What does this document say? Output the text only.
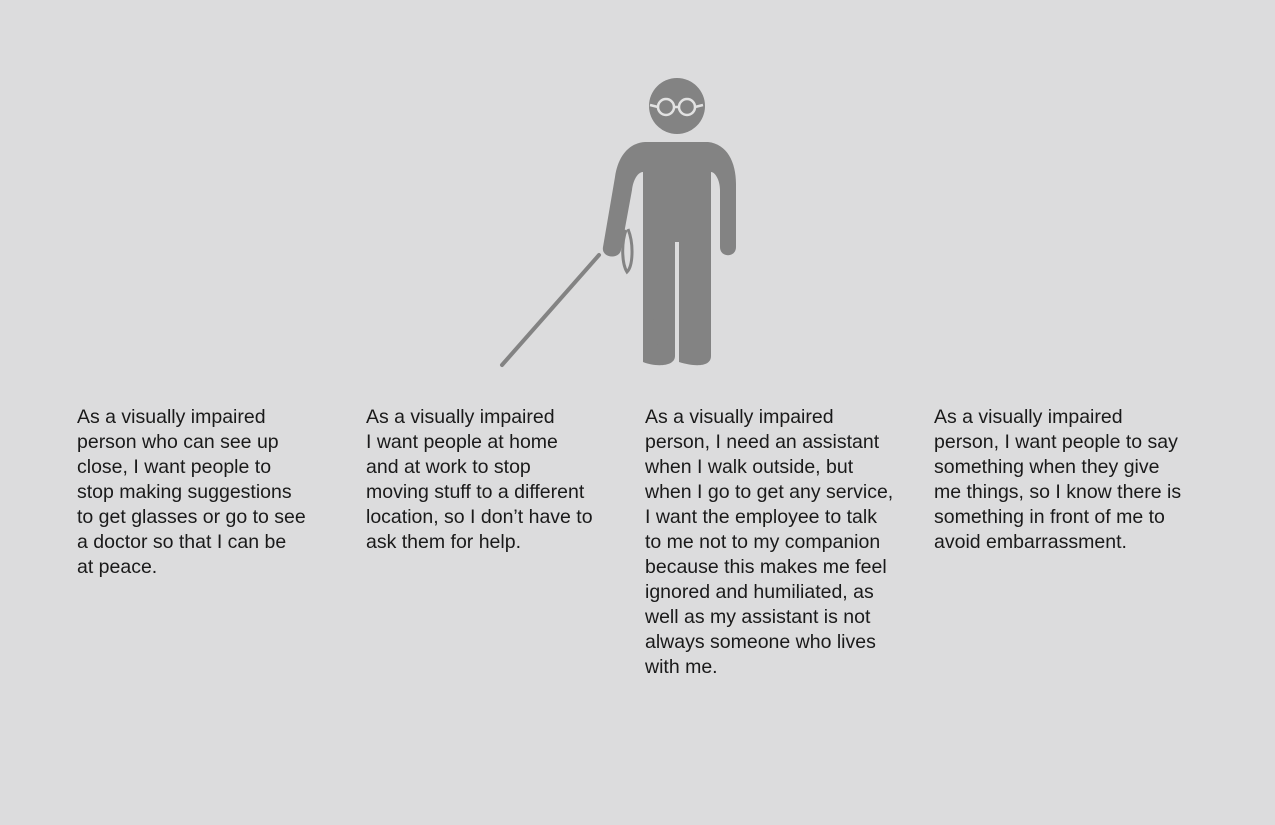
As a visually impaired
person who can see up
close, I want people to
stop making suggestions
to get glasses or go to see
a doctor so that I can be
at peace.
As a visually impaired
I want people at home
and at work to stop
moving stuff to a different
location, so I don’t have to
ask them for help.
As a visually impaired
person, I need an assistant
when I walk outside, but
when I go to get any service,
I want the employee to talk
to me not to my companion
because this makes me feel
ignored and humiliated, as
well as my assistant is not
always someone who lives
with me.
As a visually impaired
person, I want people to say
something when they give
me things, so I know there is
something in front of me to
avoid embarrassment.
